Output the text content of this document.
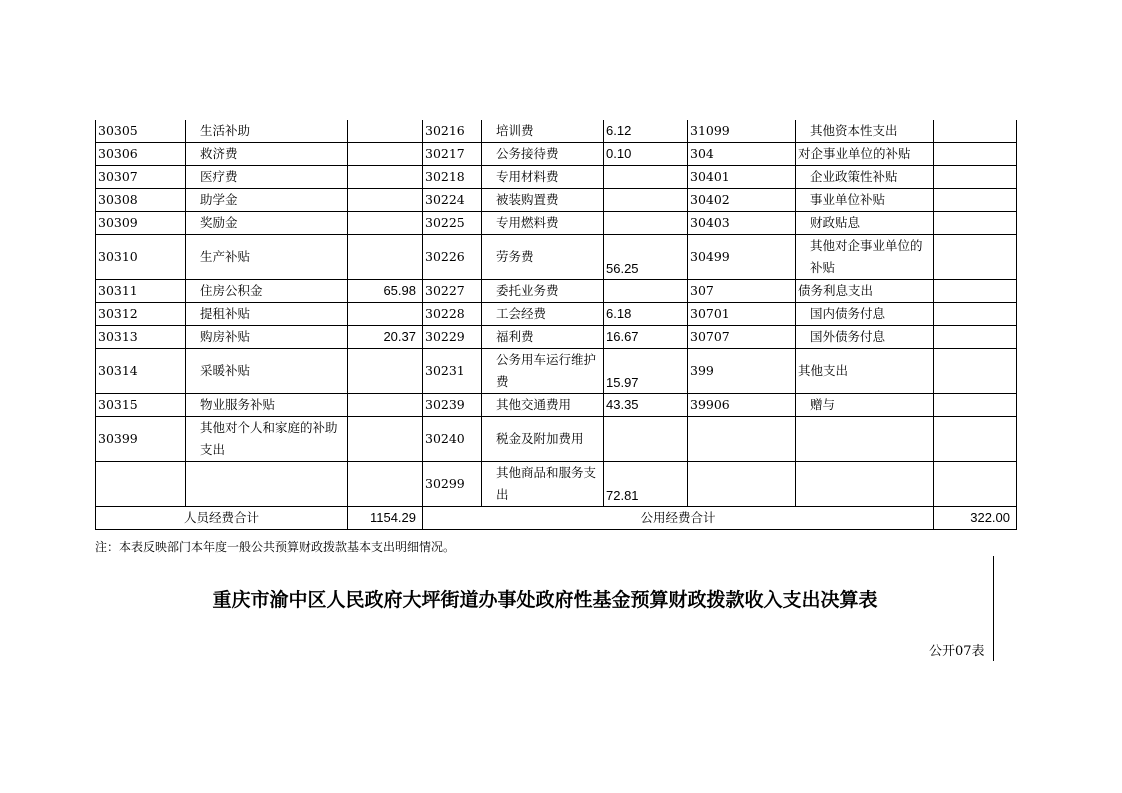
30305	生活补助		30216	培训费	6.12	31099	其他资本性支出	
30306	救济费		30217	公务接待费	0.10	304	对企事业单位的补贴	
30307	医疗费		30218	专用材料费		30401	企业政策性补贴	
30308	助学金		30224	被装购置费		30402	事业单位补贴	
30309	奖励金		30225	专用燃料费		30403	财政贴息	
30310	生产补贴		30226	劳务费	56.25	30499	其他对企事业单位的补贴	
30311	住房公积金	65.98	30227	委托业务费		307	债务利息支出	
30312	提租补贴		30228	工会经费	6.18	30701	国内债务付息	
30313	购房补贴	20.37	30229	福利费	16.67	30707	国外债务付息	
30314	采暖补贴		30231	公务用车运行维护费	15.97	399	其他支出	
30315	物业服务补贴		30239	其他交通费用	43.35	39906	赠与	
30399	其他对个人和家庭的补助支出		30240	税金及附加费用				
			30299	其他商品和服务支出	72.81			
人员经费合计		1154.29	公用经费合计					322.00
注：本表反映部门本年度一般公共预算财政拨款基本支出明细情况。
重庆市渝中区人民政府大坪街道办事处政府性基金预算财政拨款收入支出决算表
公开07表
